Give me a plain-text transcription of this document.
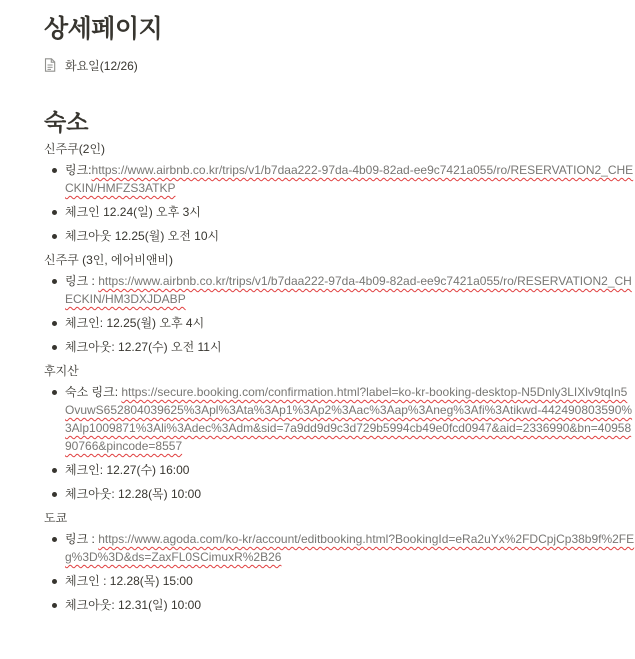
상세페이지
화요일(12/26)
숙소
신주쿠(2인)
링크:https://www.airbnb.co.kr/trips/v1/b7daa222-97da-4b09-82ad-ee9c7421a055/ro/RESERVATION2_CHECKIN/HMFZS3ATKP
체크인 12.24(일) 오후 3시
체크아웃 12.25(월) 오전 10시
신주쿠 (3인, 에어비앤비)
링크 : https://www.airbnb.co.kr/trips/v1/b7daa222-97da-4b09-82ad-ee9c7421a055/ro/RESERVATION2_CHECKIN/HM3DXJDABP
체크인: 12.25(월) 오후 4시
체크아웃: 12.27(수) 오전 11시
후지산
숙소 링크: https://secure.booking.com/confirmation.html?label=ko-kr-booking-desktop-N5Dnly3LIXlv9tqIn5OvuwS652804039625%3Apl%3Ata%3Ap1%3Ap2%3Aac%3Aap%3Aneg%3Afi%3Atikwd-442490803590%3Alp1009871%3Ali%3Adec%3Adm&sid=7a9dd9d9c3d729b5994cb49e0fcd0947&aid=2336990&bn=4095890766&pincode=8557
체크인: 12.27(수) 16:00
체크아웃: 12.28(목) 10:00
도쿄
링크 : https://www.agoda.com/ko-kr/account/editbooking.html?BookingId=eRa2uYx%2FDCpjCp38b9f%2FEg%3D%3D&ds=ZaxFL0SCimuxR%2B26
체크인 : 12.28(목) 15:00
체크아웃: 12.31(일) 10:00
